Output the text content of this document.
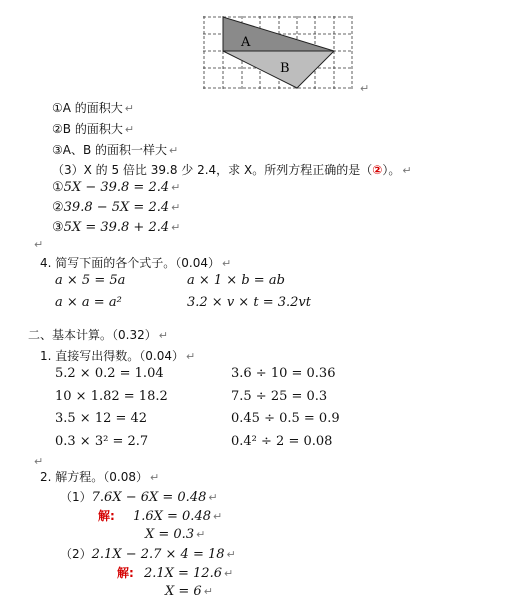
A
B
↵
①A 的面积大 ↵
②B 的面积大 ↵
③A、B 的面积一样大 ↵
（3）X 的 5 倍比 39.8 少 2.4，求 X。所列方程正确的是（②）。 ↵
①5X − 39.8 = 2.4 ↵
②39.8 − 5X = 2.4 ↵
③5X = 39.8 + 2.4 ↵
↵
4. 简写下面的各个式子。（0.04） ↵
a × 5 = 5a	a × 1 × b = ab
a × a = a²	3.2 × v × t = 3.2vt
二、基本计算。（0.32） ↵
1. 直接写出得数。（0.04） ↵
5.2 × 0.2 = 1.04	3.6 ÷ 10 = 0.36
10 × 1.82 = 18.2	7.5 ÷ 25 = 0.3
3.5 × 12 = 42	0.45 ÷ 0.5 = 0.9
0.3 × 3² = 2.7	0.4² ÷ 2 = 0.08
↵
2. 解方程。（0.08） ↵
（1）7.6X − 6X = 0.48 ↵
解: 1.6X = 0.48 ↵
X = 0.3 ↵
（2）2.1X − 2.7 × 4 = 18 ↵
解: 2.1X = 12.6 ↵
X = 6 ↵
